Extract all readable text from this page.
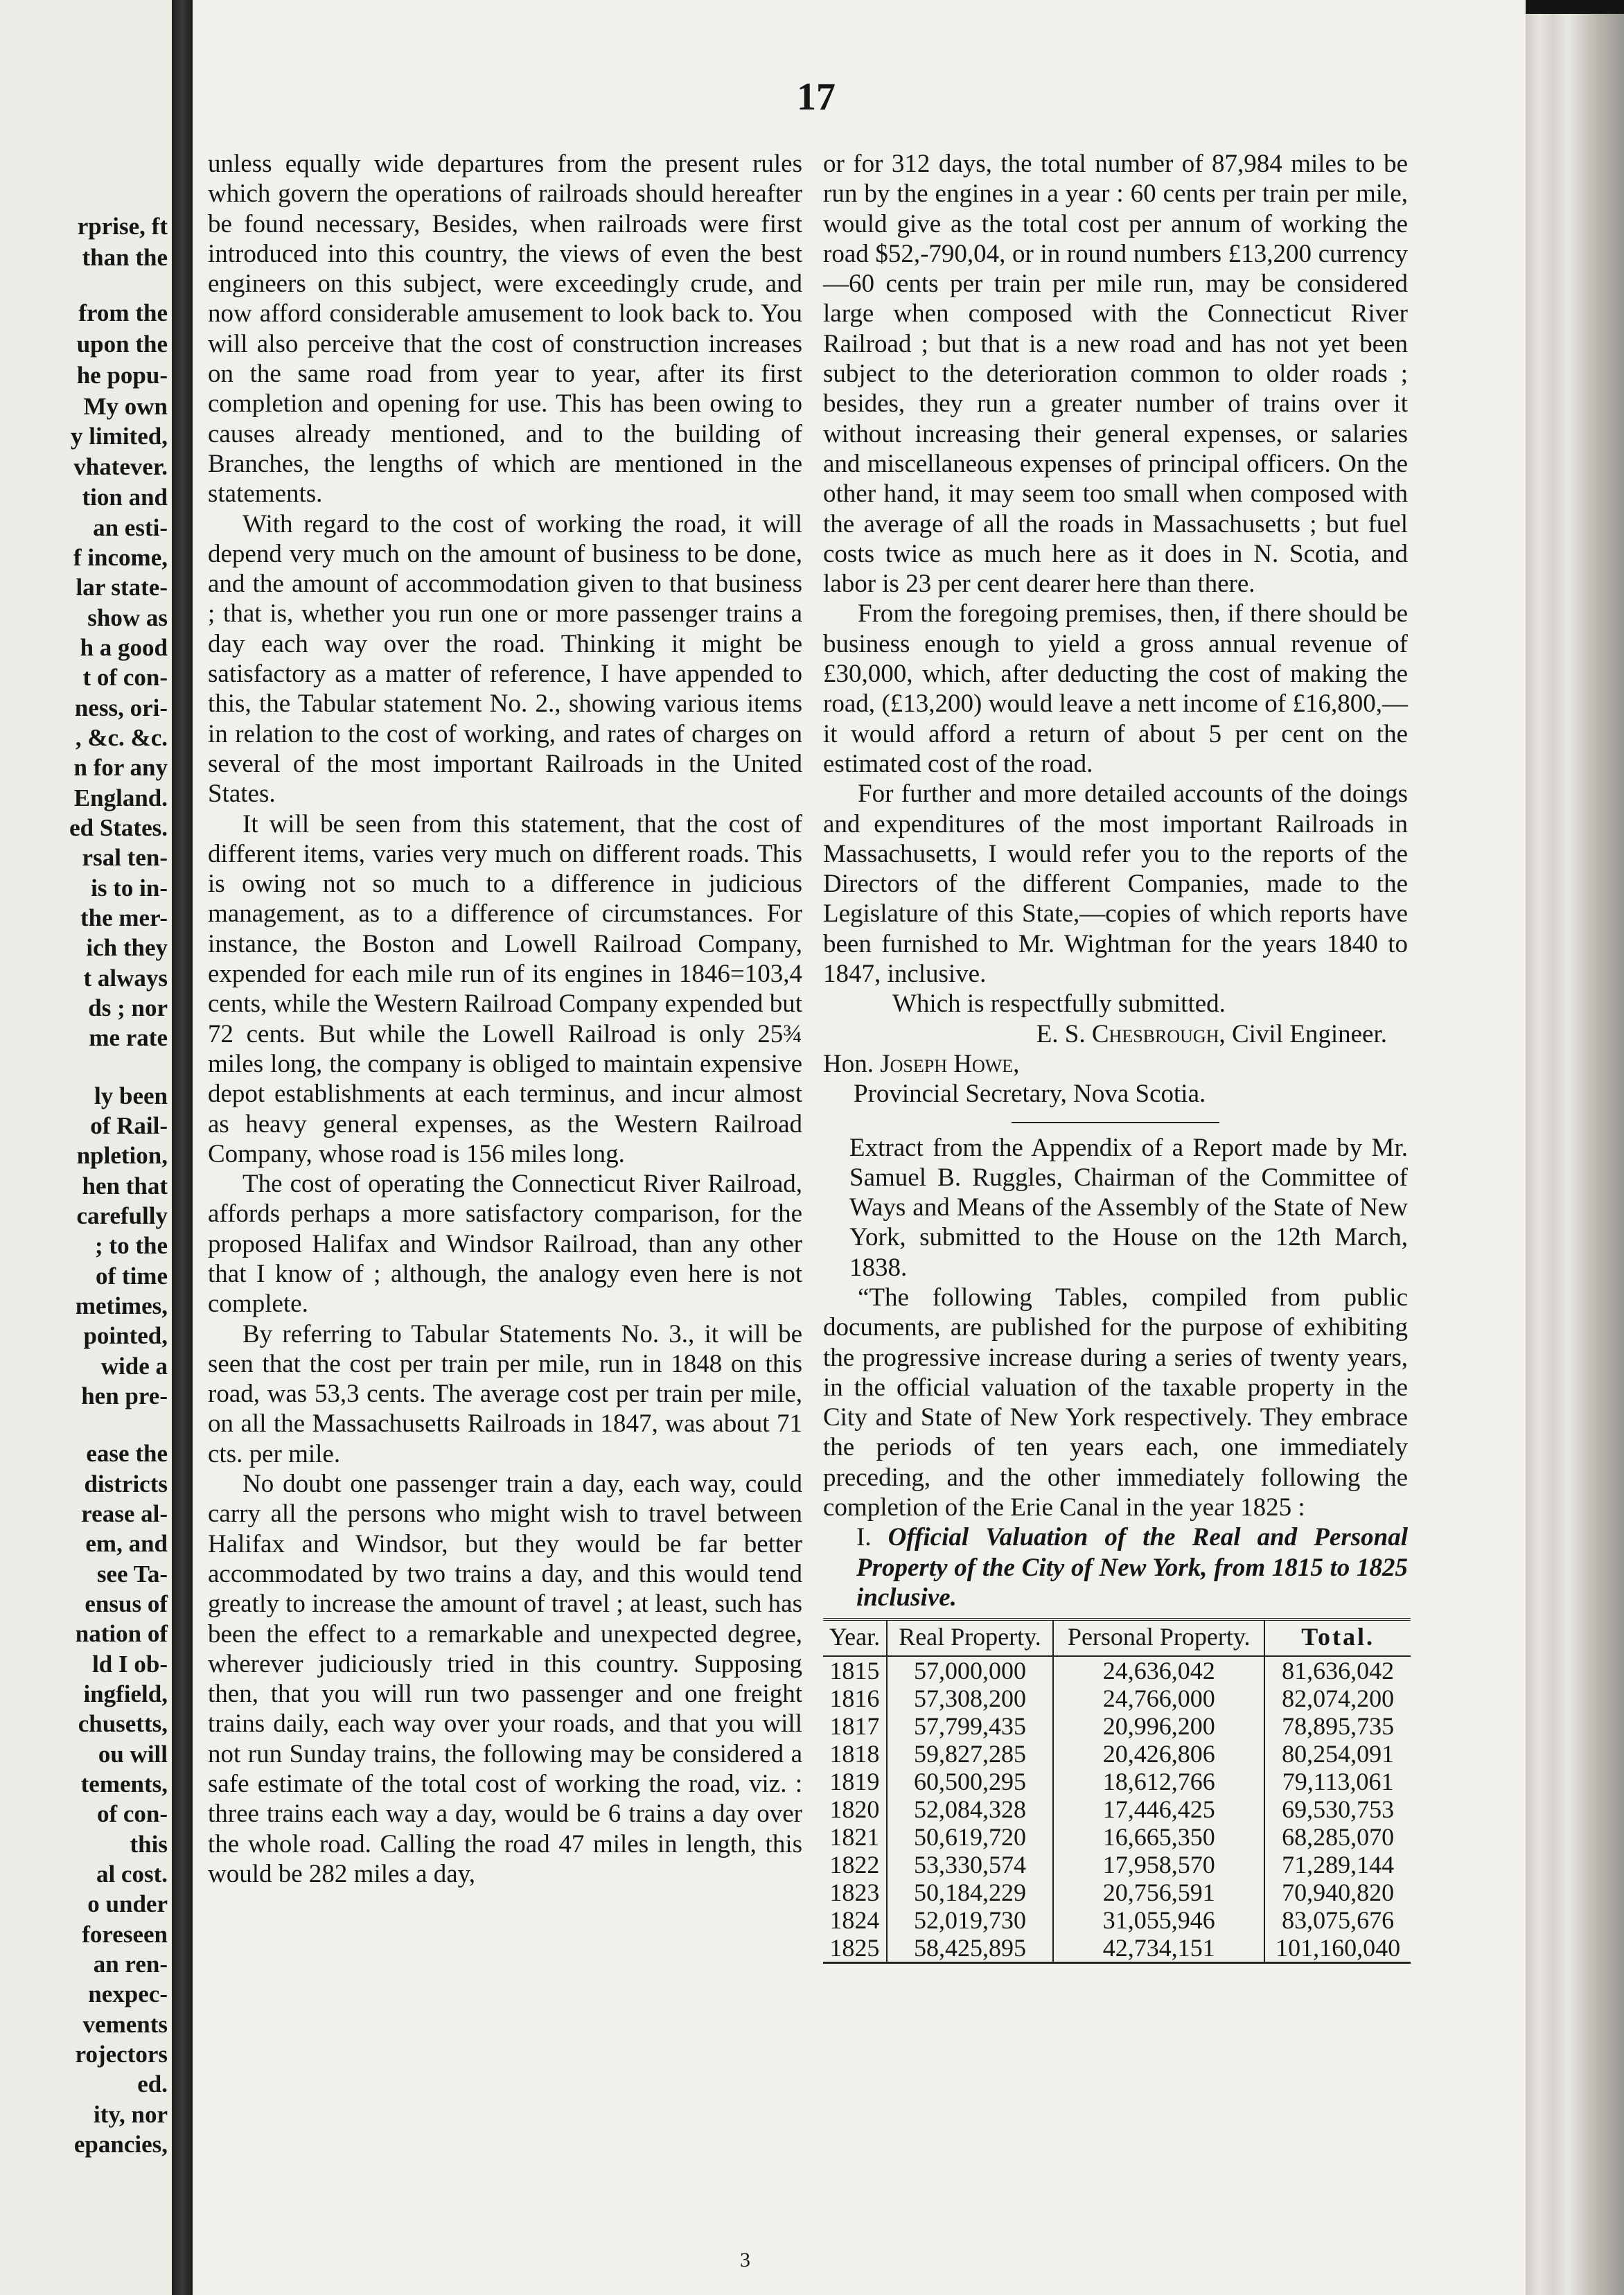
rprise, ft
than the
from the
upon the
he popu-
My own
y limited,
vhatever.
tion and
an esti-
f income,
lar state-
show as
h a good
t of con-
ness, ori-
, &c. &c.
n for any
England.
ed States.
rsal ten-
is to in-
the mer-
ich they
t always
ds ; nor
me rate
ly been
of Rail-
npletion,
hen that
carefully
; to the
of time
metimes,
pointed,
wide a
hen pre-
ease the
districts
rease al-
em, and
see Ta-
ensus of
nation of
ld I ob-
ingfield,
chusetts,
ou will
tements,
of con-
this
al cost.
o under
foreseen
an ren-
nexpec-
vements
rojectors
ed.
ity, nor
epancies,
17

unless equally wide departures from the present rules which govern the operations of railroads should hereafter be found necessary, Besides, when railroads were first introduced into this country, the views of even the best engineers on this subject, were exceedingly crude, and now afford considerable amusement to look back to. You will also perceive that the cost of construction increases on the same road from year to year, after its first completion and opening for use. This has been owing to causes already mentioned, and to the building of Branches, the lengths of which are mentioned in the statements.

With regard to the cost of working the road, it will depend very much on the amount of business to be done, and the amount of accommodation given to that business ; that is, whether you run one or more passenger trains a day each way over the road. Thinking it might be satisfactory as a matter of reference, I have appended to this, the Tabular statement No. 2., showing various items in relation to the cost of working, and rates of charges on several of the most important Railroads in the United States.

It will be seen from this statement, that the cost of different items, varies very much on different roads. This is owing not so much to a difference in judicious management, as to a difference of circumstances. For instance, the Boston and Lowell Railroad Company, expended for each mile run of its engines in 1846=103,4 cents, while the Western Railroad Company expended but 72 cents. But while the Lowell Railroad is only 25¾ miles long, the company is obliged to maintain expensive depot establishments at each terminus, and incur almost as heavy general expenses, as the Western Railroad Company, whose road is 156 miles long.

The cost of operating the Connecticut River Railroad, affords perhaps a more satisfactory comparison, for the proposed Halifax and Windsor Railroad, than any other that I know of ; although, the analogy even here is not complete.

By referring to Tabular Statements No. 3., it will be seen that the cost per train per mile, run in 1848 on this road, was 53,3 cents. The average cost per train per mile, on all the Massachusetts Railroads in 1847, was about 71 cts. per mile.

No doubt one passenger train a day, each way, could carry all the persons who might wish to travel between Halifax and Windsor, but they would be far better accommodated by two trains a day, and this would tend greatly to increase the amount of travel ; at least, such has been the effect to a remarkable and unexpected degree, wherever judiciously tried in this country. Supposing then, that you will run two passenger and one freight trains daily, each way over your roads, and that you will not run Sunday trains, the following may be considered a safe estimate of the total cost of working the road, viz. : three trains each way a day, would be 6 trains a day over the whole road. Calling the road 47 miles in length, this would be 282 miles a day,

or for 312 days, the total number of 87,984 miles to be run by the engines in a year : 60 cents per train per mile, would give as the total cost per annum of working the road $52,-790,04, or in round numbers £13,200 currency—60 cents per train per mile run, may be considered large when composed with the Connecticut River Railroad ; but that is a new road and has not yet been subject to the deterioration common to older roads ; besides, they run a greater number of trains over it without increasing their general expenses, or salaries and miscellaneous expenses of principal officers. On the other hand, it may seem too small when composed with the average of all the roads in Massachusetts ; but fuel costs twice as much here as it does in N. Scotia, and labor is 23 per cent dearer here than there.

From the foregoing premises, then, if there should be business enough to yield a gross annual revenue of £30,000, which, after deducting the cost of making the road, (£13,200) would leave a nett income of £16,800,—it would afford a return of about 5 per cent on the estimated cost of the road.

For further and more detailed accounts of the doings and expenditures of the most important Railroads in Massachusetts, I would refer you to the reports of the Directors of the different Companies, made to the Legislature of this State,—copies of which reports have been furnished to Mr. Wightman for the years 1840 to 1847, inclusive.

Which is respectfully submitted.

E. S. Chesbrough, Civil Engineer.

Hon. Joseph Howe,

Provincial Secretary, Nova Scotia.

Extract from the Appendix of a Report made by Mr. Samuel B. Ruggles, Chairman of the Committee of Ways and Means of the Assembly of the State of New York, submitted to the House on the 12th March, 1838.

“The following Tables, compiled from public documents, are published for the purpose of exhibiting the progressive increase during a series of twenty years, in the official valuation of the taxable property in the City and State of New York respectively. They embrace the periods of ten years each, one immediately preceding, and the other immediately following the completion of the Erie Canal in the year 1825 :

I. Official Valuation of the Real and Personal Property of the City of New York, from 1815 to 1825 inclusive.

Year.	Real Property.	Personal Property.	Total.
1815	57,000,000	24,636,042	81,636,042
1816	57,308,200	24,766,000	82,074,200
1817	57,799,435	20,996,200	78,895,735
1818	59,827,285	20,426,806	80,254,091
1819	60,500,295	18,612,766	79,113,061
1820	52,084,328	17,446,425	69,530,753
1821	50,619,720	16,665,350	68,285,070
1822	53,330,574	17,958,570	71,289,144
1823	50,184,229	20,756,591	70,940,820
1824	52,019,730	31,055,946	83,075,676
1825	58,425,895	42,734,151	101,160,040
3
